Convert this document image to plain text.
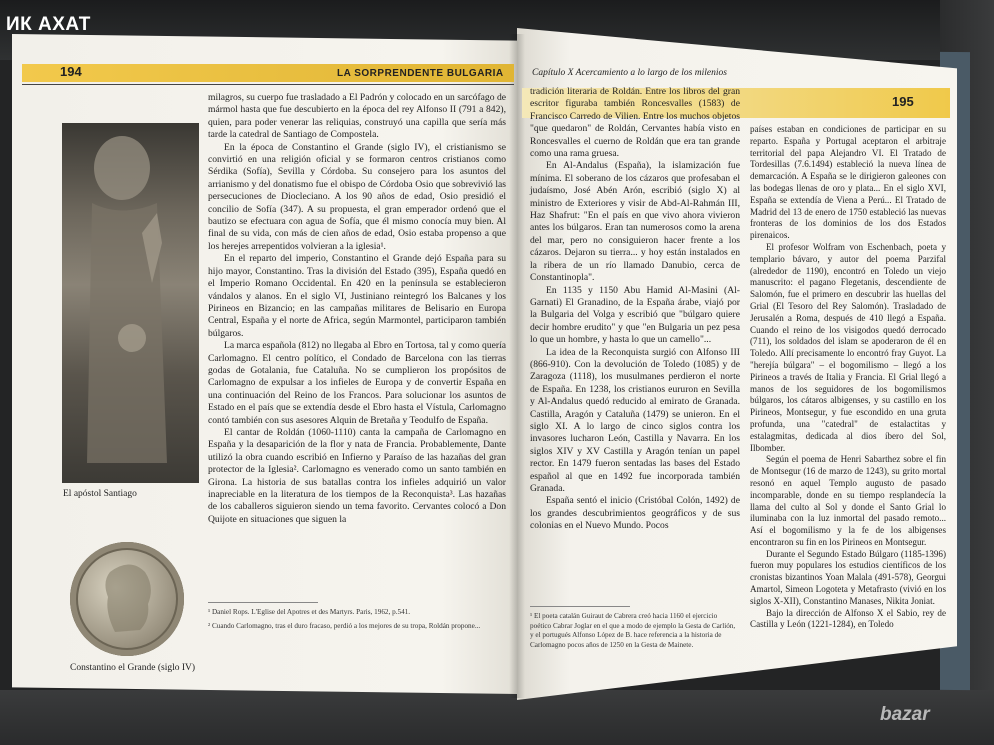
194	LA SORPRENDENTE BULGARIA	Capítulo X Acercamiento a lo largo de los milenios
195
El apóstol Santiago
Constantino el Grande (siglo IV)

milagros, su cuerpo fue trasladado a El Padrón y colocado en un sarcófago de mármol hasta que fue descubierto en la época del rey Alfonso II (791 a 842), quien, para poder venerar las reliquias, construyó una capilla que sería más tarde la catedral de Santiago de Compostela.

En la época de Constantino el Grande (siglo IV), el cristianismo se convirtió en una religión oficial y se formaron centros cristianos como Sérdika (Sofía), Sevilla y Córdoba. Su consejero para los asuntos del arrianismo y del donatismo fue el obispo de Córdoba Osio que sobrevivió las persecuciones de Diocleciano. A los 90 años de edad, Osio presidió el concilio de Sofía (347). A su propuesta, el gran emperador ordenó que el bautizo se efectuara con agua de Sofía, que él mismo conocía muy bien. Al final de su vida, con más de cien años de edad, Osio estaba propenso a que los herejes arrepentidos volvieran a la iglesia¹.

En el reparto del imperio, Constantino el Grande dejó España para su hijo mayor, Constantino. Tras la división del Estado (395), España quedó en el Imperio Romano Occidental. En 420 en la península se establecieron vándalos y alanos. En el siglo VI, Justiniano reintegró los Balcanes y los Pirineos en Bizancio; en las campañas militares de Belisario en Europa Central, España y el norte de Africa, según Marmontel, participaron también búlgaros.

La marca española (812) no llegaba al Ebro en Tortosa, tal y como quería Carlomagno. El centro político, el Condado de Barcelona con las tierras godas de Gotalania, fue Cataluña. No se cumplieron los propósitos de Carlomagno de expulsar a los infieles de Europa y de convertir España en una continuación del Reino de los Francos. Para solucionar los asuntos de Estado en el país que se extendía desde el Ebro hasta el Vístula, Carlomagno contó también con sus asesores Alquin de Bretaña y Teodulfo de España.

El cantar de Roldán (1060-1110) canta la campaña de Carlomagno en España y la desaparición de la flor y nata de Francia. Probablemente, Dante utilizó la obra cuando escribió en Infierno y Paraíso de las hazañas del gran protector de la Iglesia². Carlomagno es venerado como un santo también en Girona. La historia de sus batallas contra los infieles adquirió un valor inapreciable en la literatura de los tiempos de la Reconquista³. Las hazañas de los caballeros siguieron siendo un tema favorito. Cervantes colocó a Don Quijote en situaciones que siguen la

¹ Daniel Rops. L'Eglise del Apotres et des Martyrs. Paris, 1962, p.541.

² Cuando Carlomagno, tras el duro fracaso, perdió a los mejores de su tropa, Roldán propone...

tradición literaria de Roldán. Entre los libros del gran escritor figuraba también Roncesvalles (1583) de Francisco Carredo de Vilien. Entre los muchos objetos "que quedaron" de Roldán, Cervantes había visto en Roncesvalles el cuerno de Roldán que era tan grande como una rama gruesa.

En Al-Andalus (España), la islamización fue mínima. El soberano de los cázaros que profesaban el judaísmo, José Abén Arón, escribió (siglo X) al ministro de Exteriores y visir de Abd-Al-Rahmán III, Haz Shafrut: "En el país en que vivo ahora vivieron antes los búlgaros. Eran tan numerosos como la arena del mar, pero no consiguieron hacer frente a los cázaros. Dejaron su tierra... y hoy están instalados en la ribera de un río llamado Danubio, cerca de Constantinopla".

En 1135 y 1150 Abu Hamid Al-Masini (Al-Garnati) El Granadino, de la España árabe, viajó por la Bulgaria del Volga y escribió que "búlgaro quiere decir hombre erudito" y que "en Bulgaria un pez pesa lo que un hombre, y hasta lo que un camello"...

La idea de la Reconquista surgió con Alfonso III (866-910). Con la devolución de Toledo (1085) y de Zaragoza (1118), los musulmanes perdieron el norte de España. En 1238, los cristianos eururon en Sevilla y Al-Andalus quedó reducido al emirato de Granada. Castilla, Aragón y Cataluña (1479) se unieron. En el siglo XI. A lo largo de cinco siglos contra los invasores lucharon León, Castilla y Navarra. En los siglos XIV y XV Castilla y Aragón tenían un papel rector. En 1479 fueron sentadas las bases del Estado español al que en 1492 fue incorporada también Granada.

España sentó el inicio (Cristóbal Colón, 1492) de los grandes descubrimientos geográficos y de sus colonias en el Nuevo Mundo. Pocos

¹ El poeta catalán Guiraut de Cabrera creó hacia 1160 el ejercicio poético Cabrar Joglar en el que a modo de ejemplo la Gesta de Carlión, y el portugués Alfonso López de B. hace referencia a la historia de Carlomagno pocos años de 1250 en la Gesta de Mainete.

países estaban en condiciones de participar en su reparto. España y Portugal aceptaron el arbitraje territorial del papa Alejandro VI. El Tratado de Tordesillas (7.6.1494) estableció la nueva línea de demarcación. A España se le dirigieron galeones con las bodegas llenas de oro y plata... En el siglo XVI, España se extendía de Viena a Perú... El Tratado de Madrid del 13 de enero de 1750 estableció las nuevas fronteras de los dominios de los dos Estados pirenaicos.

El profesor Wolfram von Eschenbach, poeta y templario bávaro, y autor del poema Parzifal (alrededor de 1190), encontró en Toledo un viejo manuscrito: el pagano Flegetanis, descendiente de Salomón, fue el primero en descubrir las huellas del Grial (El Tesoro del Rey Salomón). Trasladado de Jerusalén a Roma, después de 410 llegó a España. Cuando el reino de los visigodos quedó derrocado (711), los soldados del islam se apoderaron de él en Toledo. Allí precisamente lo encontró fray Guyot. La "herejía búlgara" – el bogomilismo – llegó a los Pirineos a través de Italia y Francia. El Grial llegó a manos de los seguidores de los bogomilismos búlgaros, los cátaros albigenses, y su castillo en los Pirineos, Montsegur, y fue escondido en una gruta profunda, una "catedral" de estalactitas y estalagmitas, dedicada al dios íbero del Sol, Ilbomber.

Según el poema de Henri Sabarthez sobre el fin de Montsegur (16 de marzo de 1243), su grito mortal resonó en aquel Templo augusto de pasado incomparable, donde en su tiempo resplandecía la llama del culto al Sol y donde el Santo Grial lo iluminaba con la luz inmortal del pasado remoto... Así el bogomilismo y la fe de los albigenses encontraron su fin en los Pirineos en Montsegur.

Durante el Segundo Estado Búlgaro (1185-1396) fueron muy populares los estudios científicos de los cronistas bizantinos Yoan Malala (491-578), Georgui Amartol, Simeon Logoteta y Metafrasto (vivió en los siglos X-XII), Constantino Manases, Nikita Joniat.

Bajo la dirección de Alfonso X el Sabio, rey de Castilla y León (1221-1284), en Toledo

ИК АХАТ
bazar
